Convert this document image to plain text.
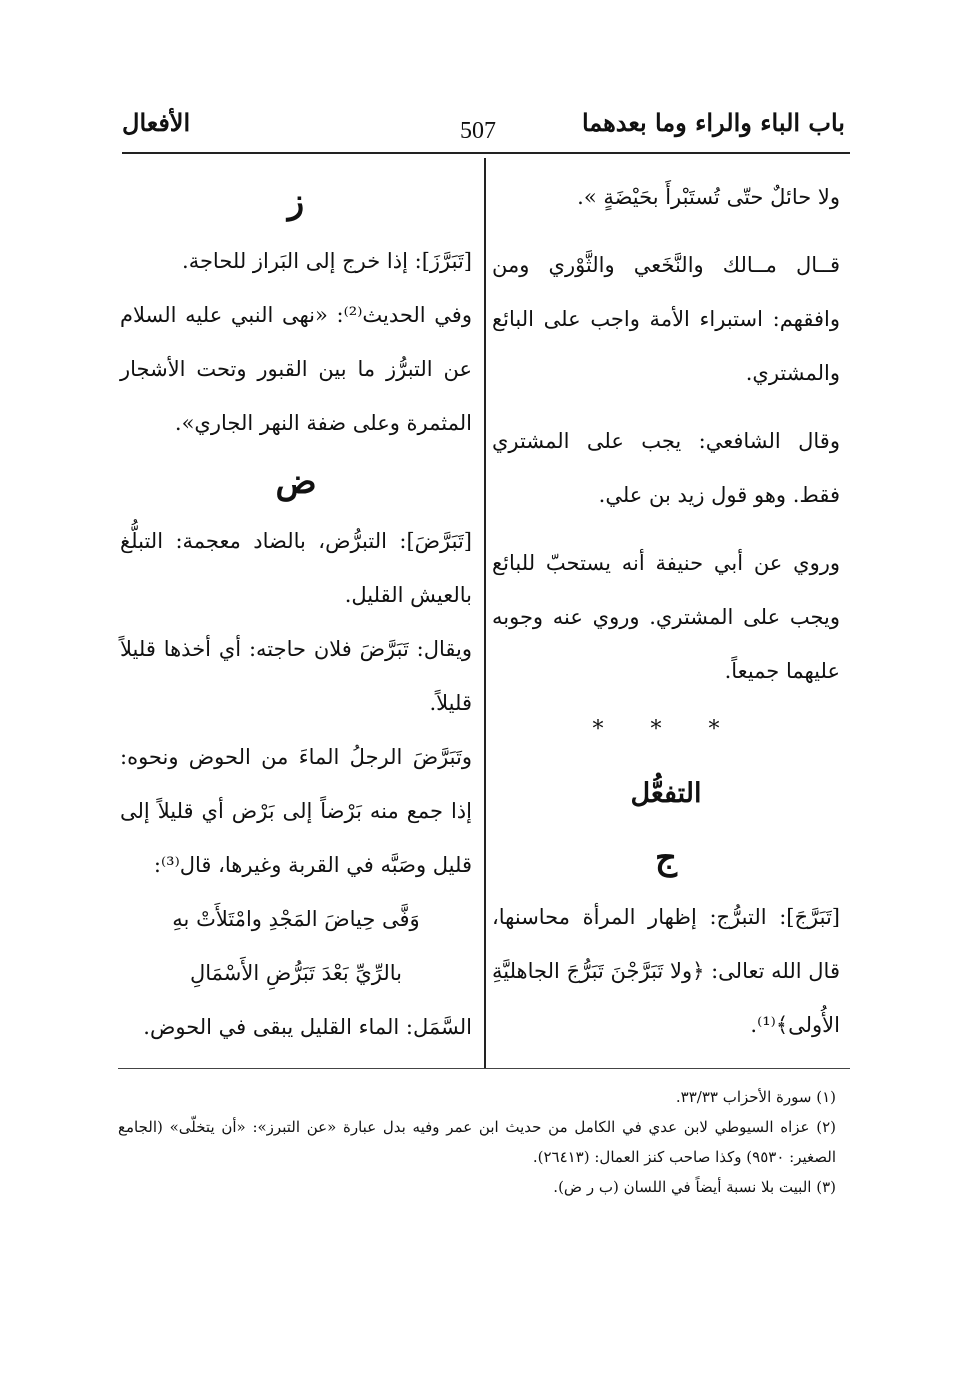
باب الباء والراء وما بعدهما
507
الأفعال

ولا حائلٌ حتّى تُستَبْرأَ بحَيْضَةٍ ».

قــال مــالك والنَّخَعي والثَّوْري ومن وافقهم: استبراء الأمة واجب على البائع والمشتري.

وقال الشافعي: يجب على المشتري فقط. وهو قول زيد بن علي.

وروي عن أبي حنيفة أنه يستحبّ للبائع ويجب على المشتري. وروي عنه وجوبه عليهما جميعاً.

* * *

التفعُّل

ج

[تَبَرَّجَ]: التبرُّج: إظهار المرأة محاسنها، قال الله تعالى: ﴿ولا تَبَرَّجْنَ تَبَرُّجَ الجاهليَّةِ الأُولى﴾⁽¹⁾.

ز

[تَبَرَّزَ]: إذا خرج إلى البَراز للحاجة.

وفي الحديث⁽²⁾: «نهى النبي عليه السلام عن التبرُّز ما بين القبور وتحت الأشجار المثمرة وعلى ضفة النهر الجاري».

ض

[تَبَرَّضَ]: التبرُّض، بالضاد معجمة: التبلُّغ بالعيش القليل.

ويقال: تَبَرَّضَ فلان حاجته: أي أخذها قليلاً قليلاً.

وتَبَرَّضَ الرجلُ الماءَ من الحوض ونحوه: إذا جمع منه بَرْضاً إلى بَرْض أي قليلاً إلى قليل وصَبَّه في القربة وغيرها، قال⁽³⁾:

وَفَّى حِياضَ المَجْدِ وامْتَلأَتْ بهِ

بالرِّيِّ بَعْدَ تَبَرُّضِ الأَسْمَالِ

السَّمَل: الماء القليل يبقى في الحوض.

(١) سورة الأحزاب ٣٣/٣٣.

(٢) عزاه السيوطي لابن عدي في الكامل من حديث ابن عمر وفيه بدل عبارة «عن التبرز»: «أن يتخلّى» (الجامع الصغير: ٩٥٣٠) وكذا صاحب كنز العمال: (٢٦٤١٣).

(٣) البيت بلا نسبة أيضاً في اللسان (ب ر ض).
